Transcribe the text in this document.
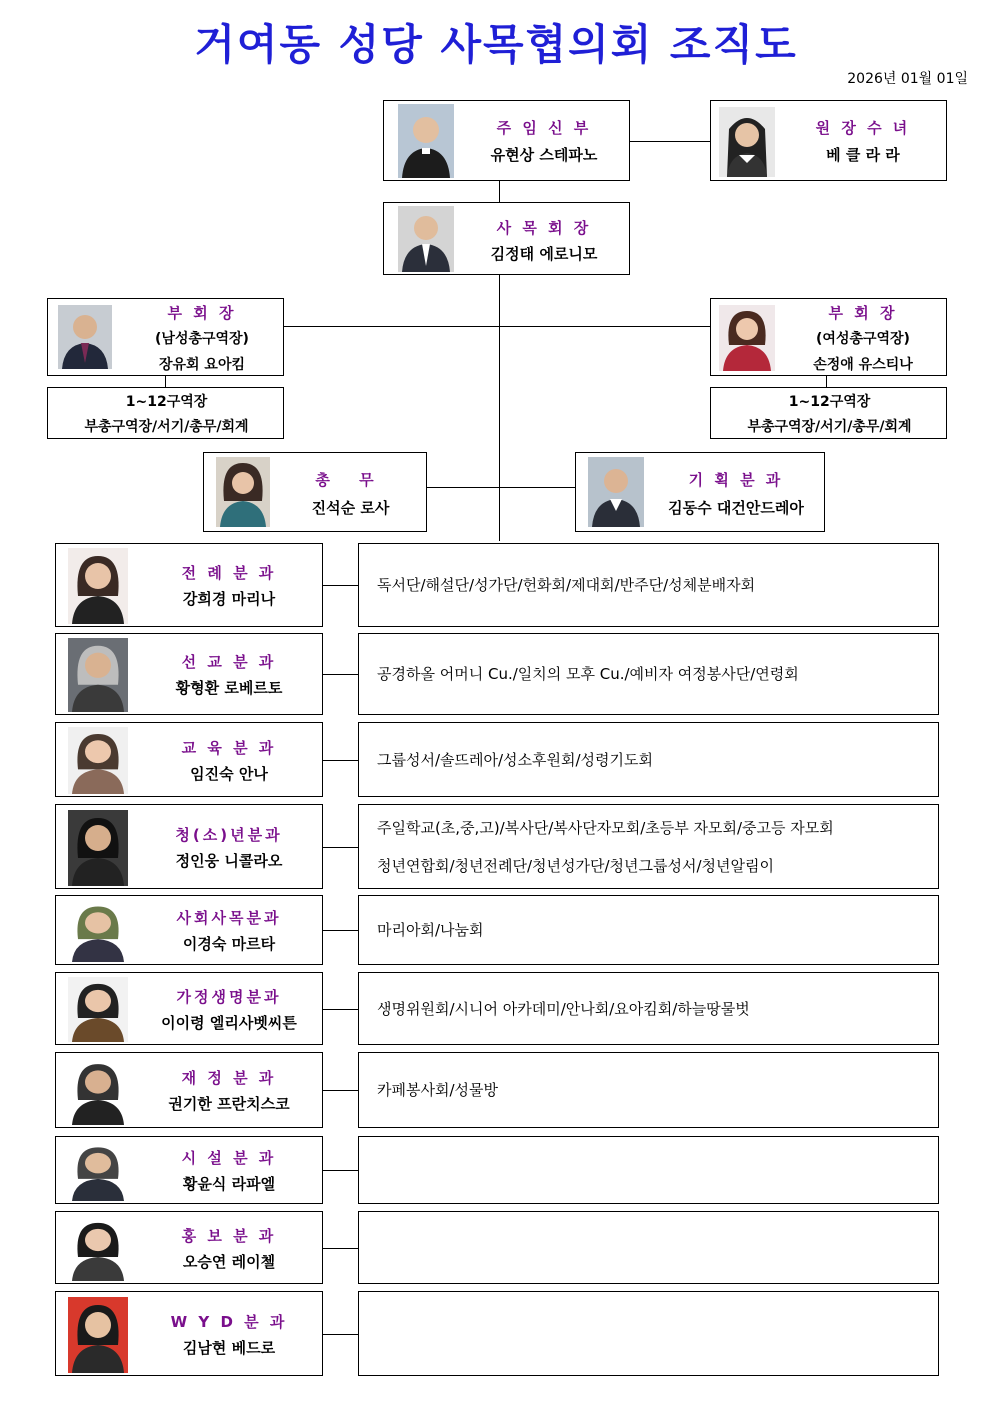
거여동 성당 사목협의회 조직도
2026년 01월 01일
주 임 신 부
유현상 스테파노
원 장 수 녀
베 클 라 라
사 목 회 장
김정태 에로니모
부 회 장
(남성총구역장)
장유회 요아킴
1~12구역장
부총구역장/서기/총무/회계
부 회 장
(여성총구역장)
손정애 유스티나
1~12구역장
부총구역장/서기/총무/회계
총 무
진석순 로사
기 획 분 과
김동수 대건안드레아
전 례 분 과
강희경 마리나
독서단/해설단/성가단/헌화회/제대회/반주단/성체분배자회
선 교 분 과
황형환 로베르토
공경하올 어머니 Cu./일치의 모후 Cu./예비자 여정봉사단/연령회
교 육 분 과
임진숙 안나
그룹성서/솔뜨레아/성소후원회/성령기도회
청(소)년분과
정인웅 니콜라오
주일학교(초,중,고)/복사단/복사단자모회/초등부 자모회/중고등 자모회
청년연합회/청년전례단/청년성가단/청년그룹성서/청년알림이
사회사목분과
이경숙 마르타
마리아회/나눔회
가정생명분과
이이령 엘리사벳씨튼
생명위원회/시니어 아카데미/안나회/요아킴회/하늘땅물벗
재 정 분 과
권기한 프란치스코
카페봉사회/성물방
시 설 분 과
황윤식 라파엘
홍 보 분 과
오승연 레이첼
W Y D 분 과
김남현 베드로
